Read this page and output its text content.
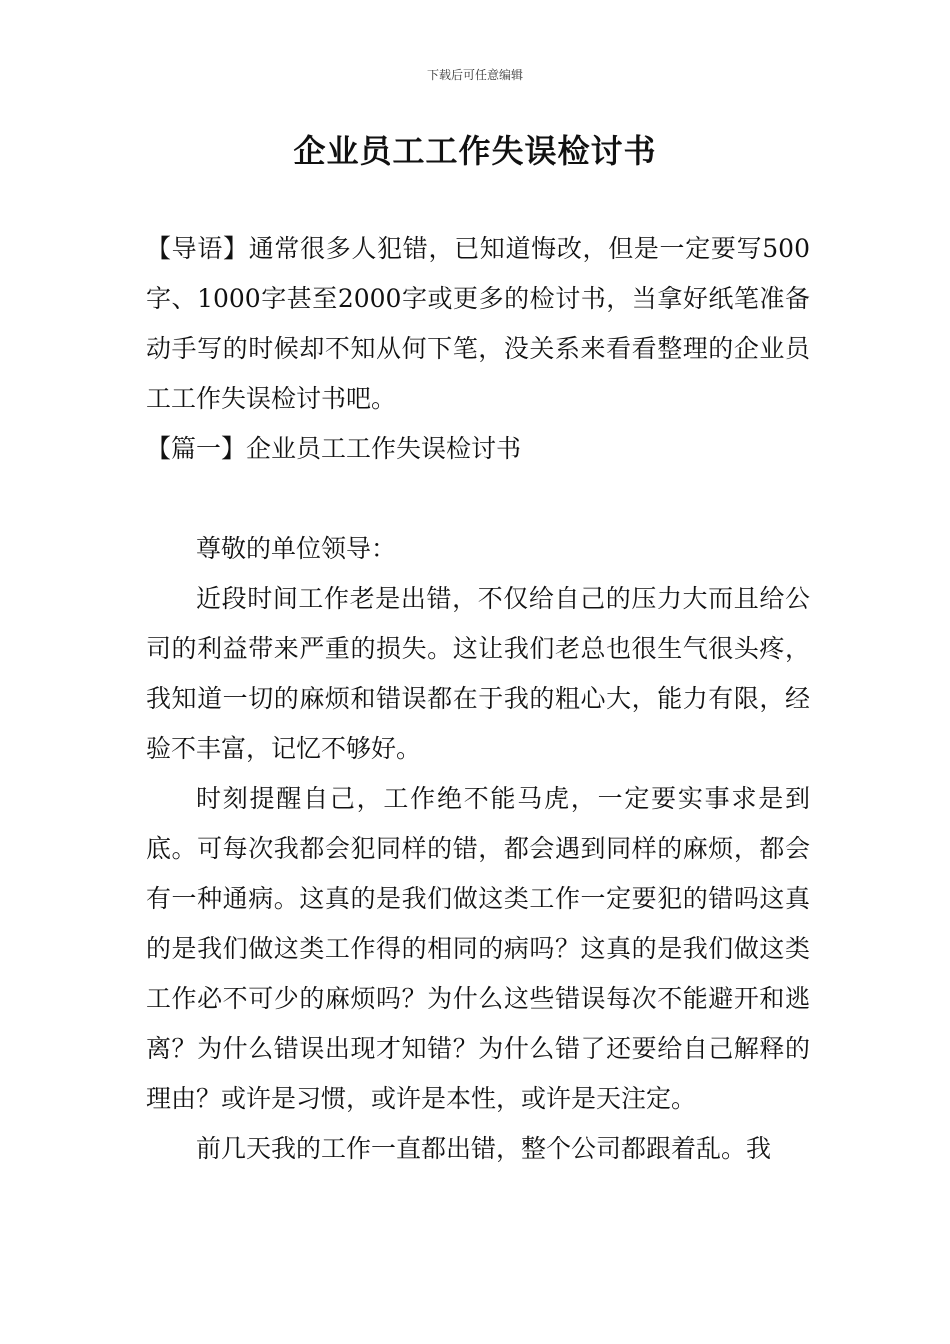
下载后可任意编辑
企业员工工作失误检讨书

【导语】通常很多人犯错，已知道悔改，但是一定要写500字、1000字甚至2000字或更多的检讨书，当拿好纸笔准备动手写的时候却不知从何下笔，没关系来看看整理的企业员工工作失误检讨书吧。

【篇一】企业员工工作失误检讨书

尊敬的单位领导：

近段时间工作老是出错，不仅给自己的压力大而且给公司的利益带来严重的损失。这让我们老总也很生气很头疼，我知道一切的麻烦和错误都在于我的粗心大，能力有限，经验不丰富，记忆不够好。

时刻提醒自己，工作绝不能马虎，一定要实事求是到底。可每次我都会犯同样的错，都会遇到同样的麻烦，都会有一种通病。这真的是我们做这类工作一定要犯的错吗这真的是我们做这类工作得的相同的病吗？这真的是我们做这类工作必不可少的麻烦吗？为什么这些错误每次不能避开和逃离？为什么错误出现才知错？为什么错了还要给自己解释的理由？或许是习惯，或许是本性，或许是天注定。

前几天我的工作一直都出错，整个公司都跟着乱。我
